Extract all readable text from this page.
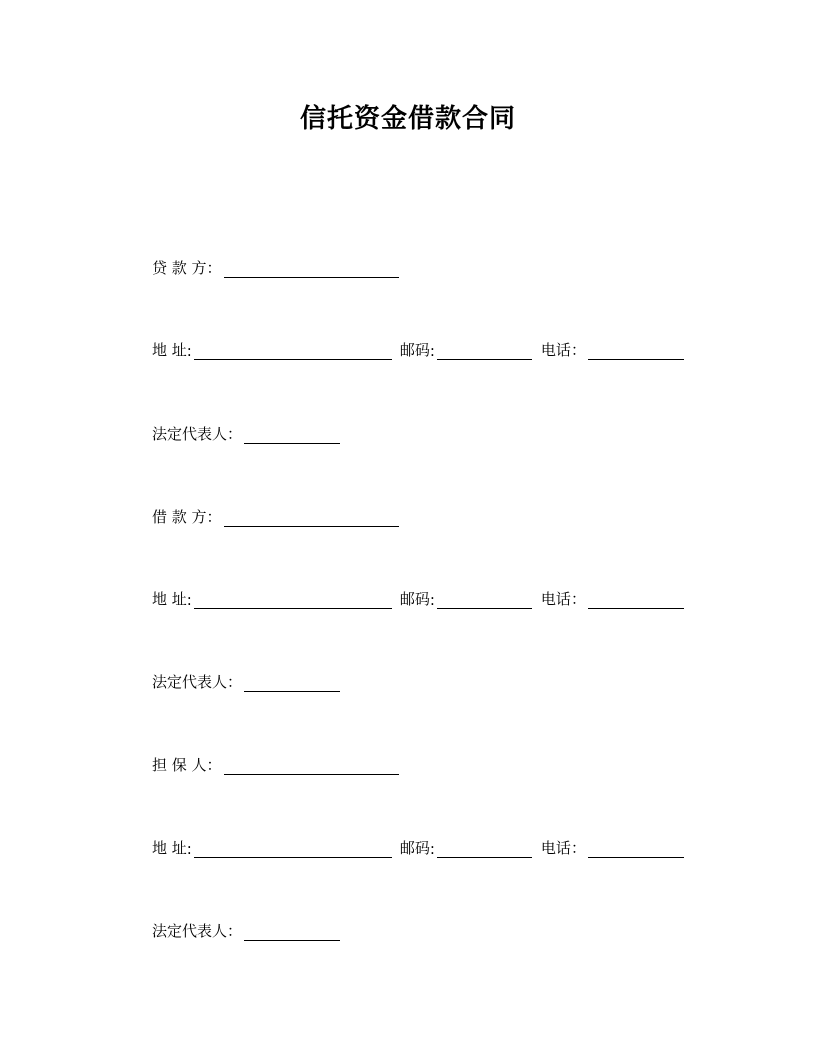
信托资金借款合同
贷 款 方 ：
地 址 :	邮码 :	电话 ：
法定代表人 ：
借 款 方 ：
地 址 :	邮码 :	电话 ：
法定代表人 ：
担 保 人 ：
地 址 :	邮码 :	电话 ：
法定代表人 ：
